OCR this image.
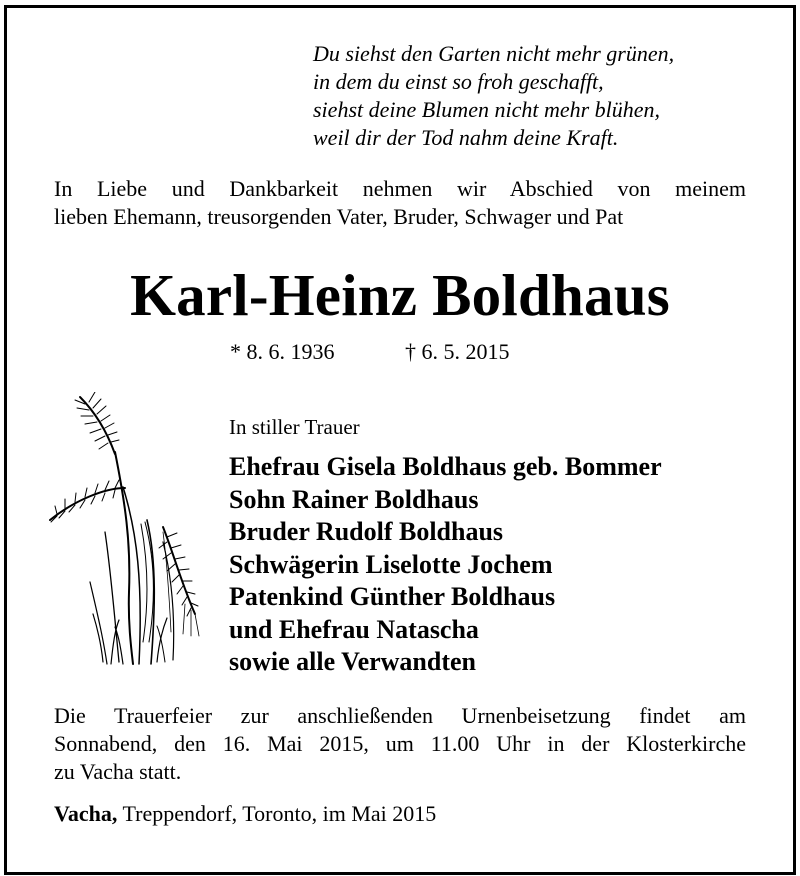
Du siehst den Garten nicht mehr grünen,
in dem du einst so froh geschafft,
siehst deine Blumen nicht mehr blühen,
weil dir der Tod nahm deine Kraft.
In Liebe und Dankbarkeit nehmen wir Abschied von meinem
lieben Ehemann, treusorgenden Vater, Bruder, Schwager und Pat
Karl-Heinz Boldhaus
* 8. 6. 1936	† 6. 5. 2015
In stiller Trauer
Ehefrau Gisela Boldhaus geb. Bommer
Sohn Rainer Boldhaus
Bruder Rudolf Boldhaus
Schwägerin Liselotte Jochem
Patenkind Günther Boldhaus
und Ehefrau Natascha
sowie alle Verwandten
Die Trauerfeier zur anschließenden Urnenbeisetzung findet am
Sonnabend, den 16. Mai 2015, um 11.00 Uhr in der Klosterkirche
zu Vacha statt.
Vacha, Treppendorf, Toronto, im Mai 2015
